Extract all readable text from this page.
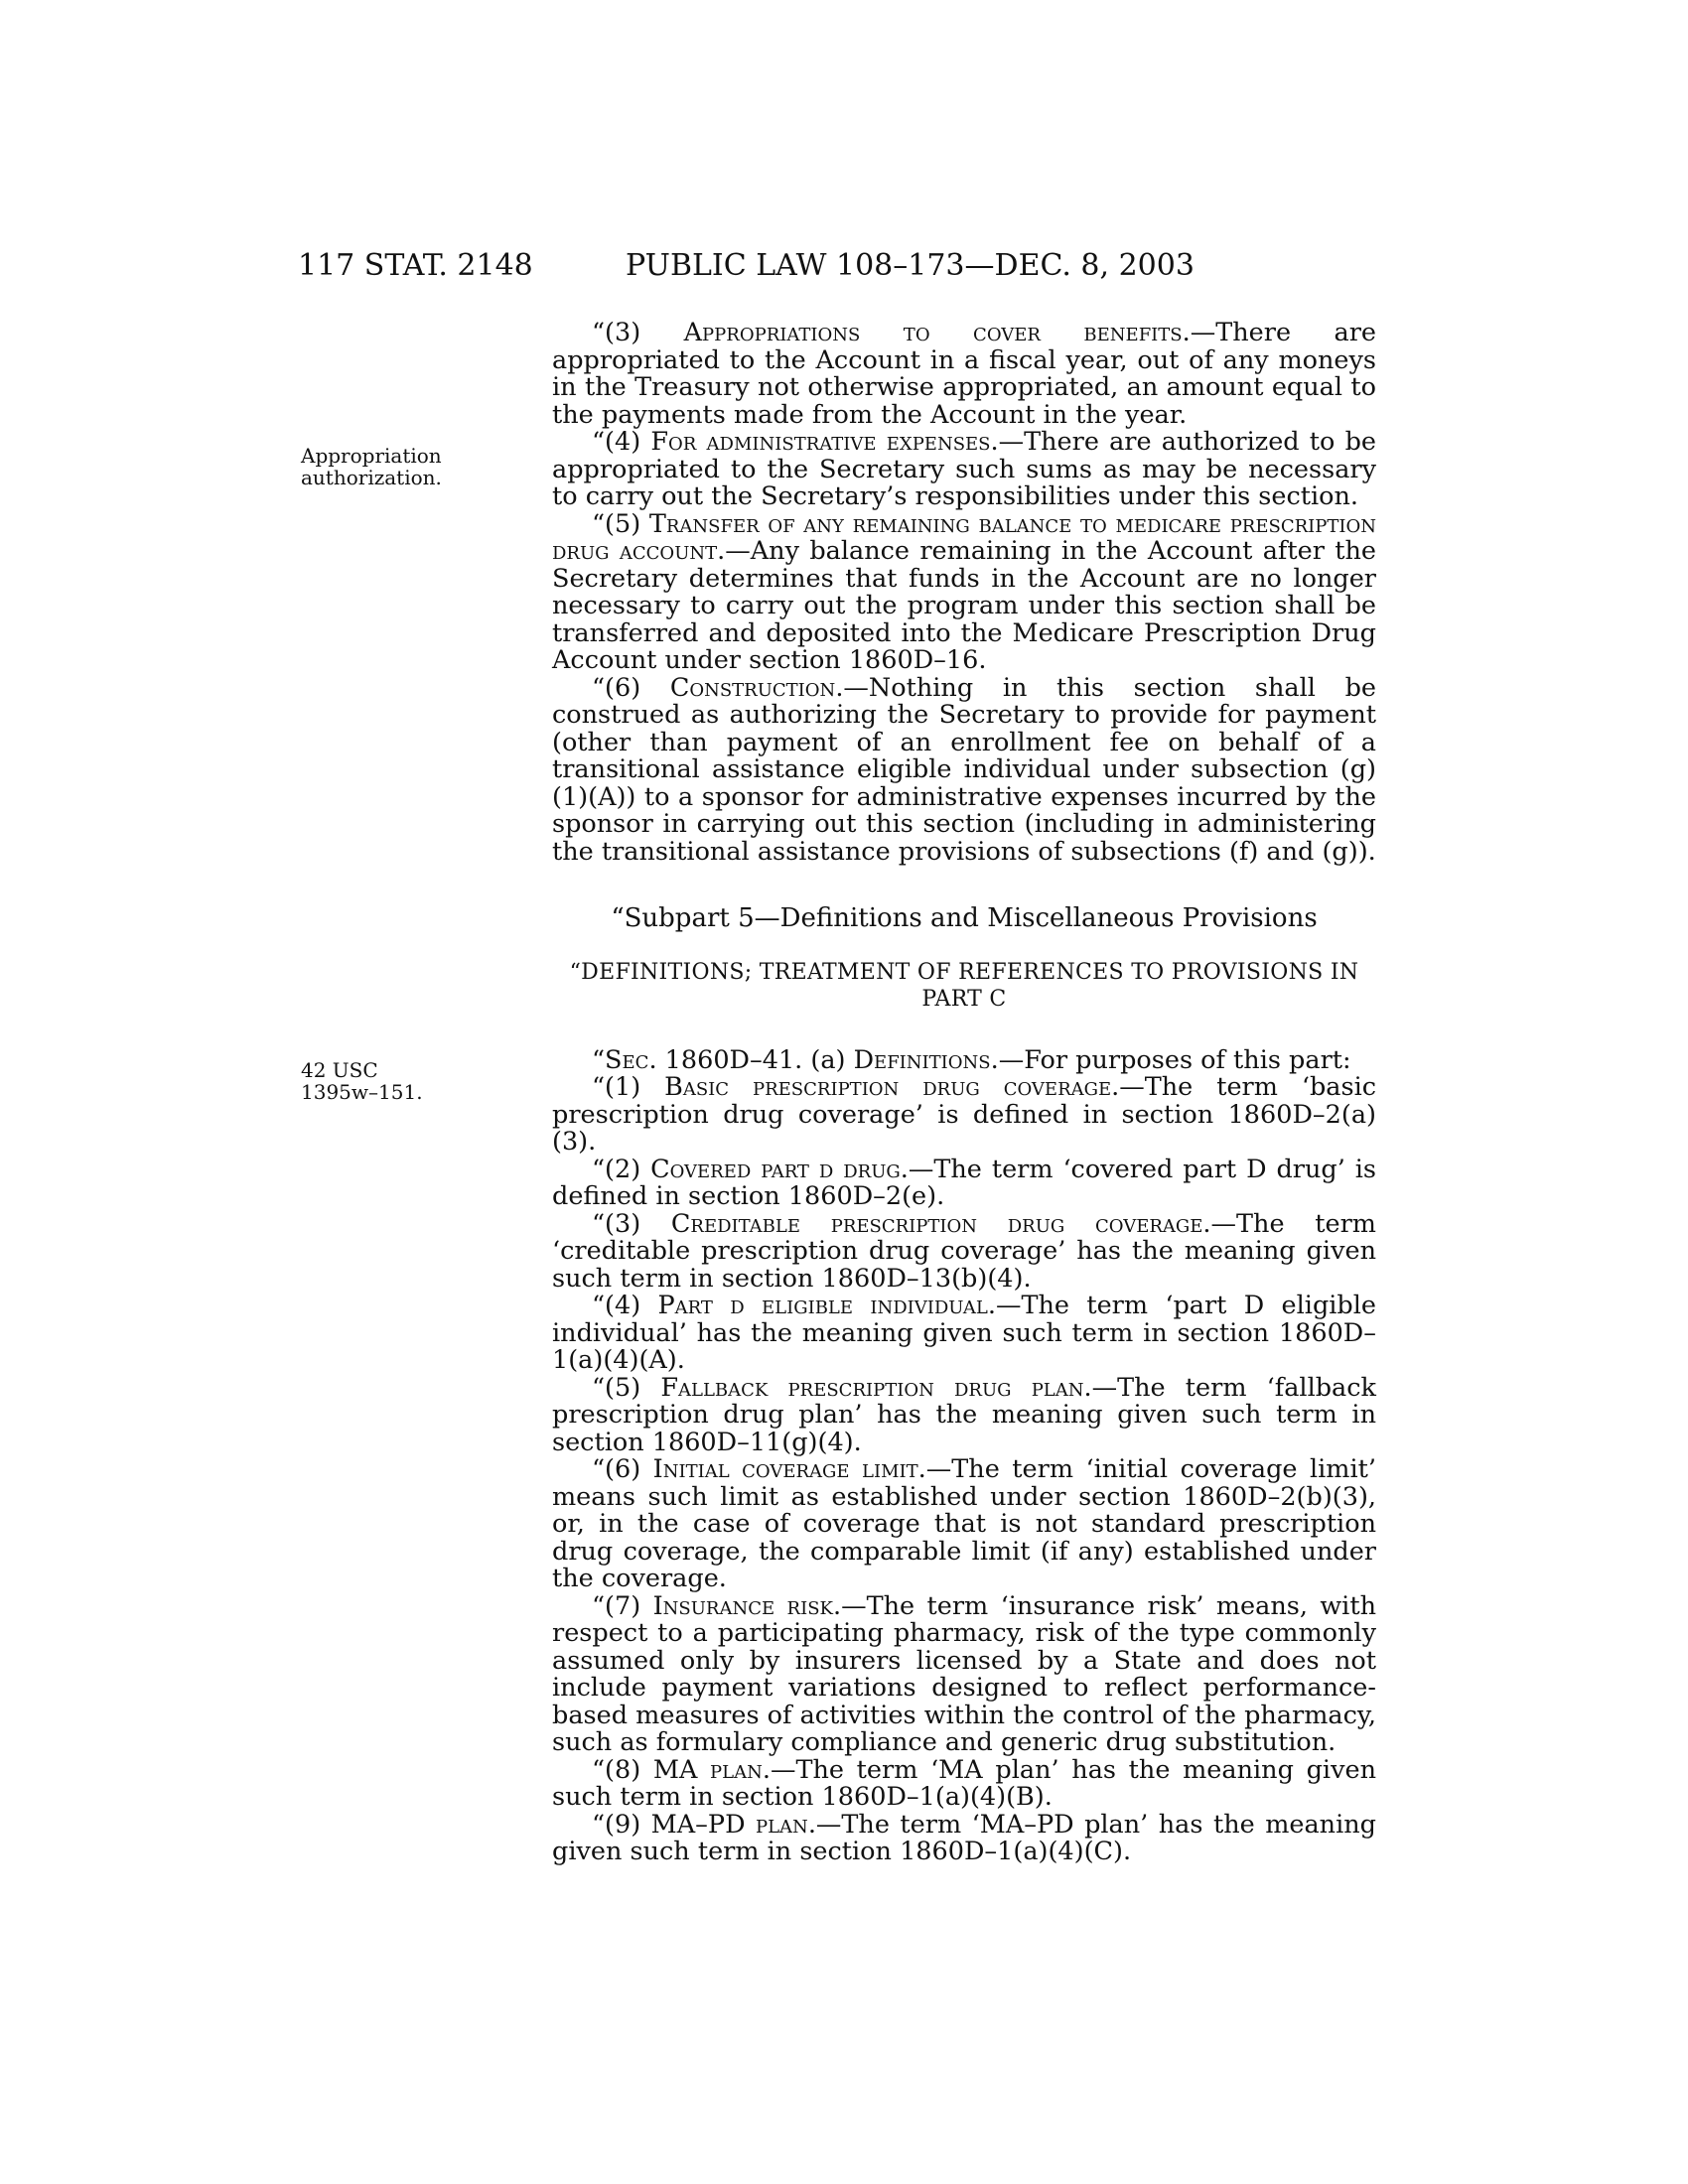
117 STAT. 2148	PUBLIC LAW 108–173—DEC. 8, 2003
Appropriation
authorization.
42 USC
1395w–151.

“(3) Appropriations to cover benefits.—There are appropriated to the Account in a fiscal year, out of any moneys in the Treasury not otherwise appropriated, an amount equal to the payments made from the Account in the year.

“(4) For administrative expenses.—There are authorized to be appropriated to the Secretary such sums as may be necessary to carry out the Secretary’s responsibilities under this section.

“(5) Transfer of any remaining balance to medicare prescription drug account.—Any balance remaining in the Account after the Secretary determines that funds in the Account are no longer necessary to carry out the program under this section shall be transferred and deposited into the Medicare Prescription Drug Account under section 1860D–16.

“(6) Construction.—Nothing in this section shall be construed as authorizing the Secretary to provide for payment (other than payment of an enrollment fee on behalf of a transitional assistance eligible individual under subsection (g)(1)(A)) to a sponsor for administrative expenses incurred by the sponsor in carrying out this section (including in administering the transitional assistance provisions of subsections (f) and (g)).

“Subpart 5—Definitions and Miscellaneous Provisions

“DEFINITIONS; TREATMENT OF REFERENCES TO PROVISIONS IN PART C

“Sec. 1860D–41. (a) Definitions.—For purposes of this part:

“(1) Basic prescription drug coverage.—The term ‘basic prescription drug coverage’ is defined in section 1860D–2(a)(3).

“(2) Covered part d drug.—The term ‘covered part D drug’ is defined in section 1860D–2(e).

“(3) Creditable prescription drug coverage.—The term ‘creditable prescription drug coverage’ has the meaning given such term in section 1860D–13(b)(4).

“(4) Part d eligible individual.—The term ‘part D eligible individual’ has the meaning given such term in section 1860D–1(a)(4)(A).

“(5) Fallback prescription drug plan.—The term ‘fallback prescription drug plan’ has the meaning given such term in section 1860D–11(g)(4).

“(6) Initial coverage limit.—The term ‘initial coverage limit’ means such limit as established under section 1860D–2(b)(3), or, in the case of coverage that is not standard prescription drug coverage, the comparable limit (if any) established under the coverage.

“(7) Insurance risk.—The term ‘insurance risk’ means, with respect to a participating pharmacy, risk of the type commonly assumed only by insurers licensed by a State and does not include payment variations designed to reflect performance-based measures of activities within the control of the pharmacy, such as formulary compliance and generic drug substitution.

“(8) MA plan.—The term ‘MA plan’ has the meaning given such term in section 1860D–1(a)(4)(B).

“(9) MA–PD plan.—The term ‘MA–PD plan’ has the meaning given such term in section 1860D–1(a)(4)(C).
